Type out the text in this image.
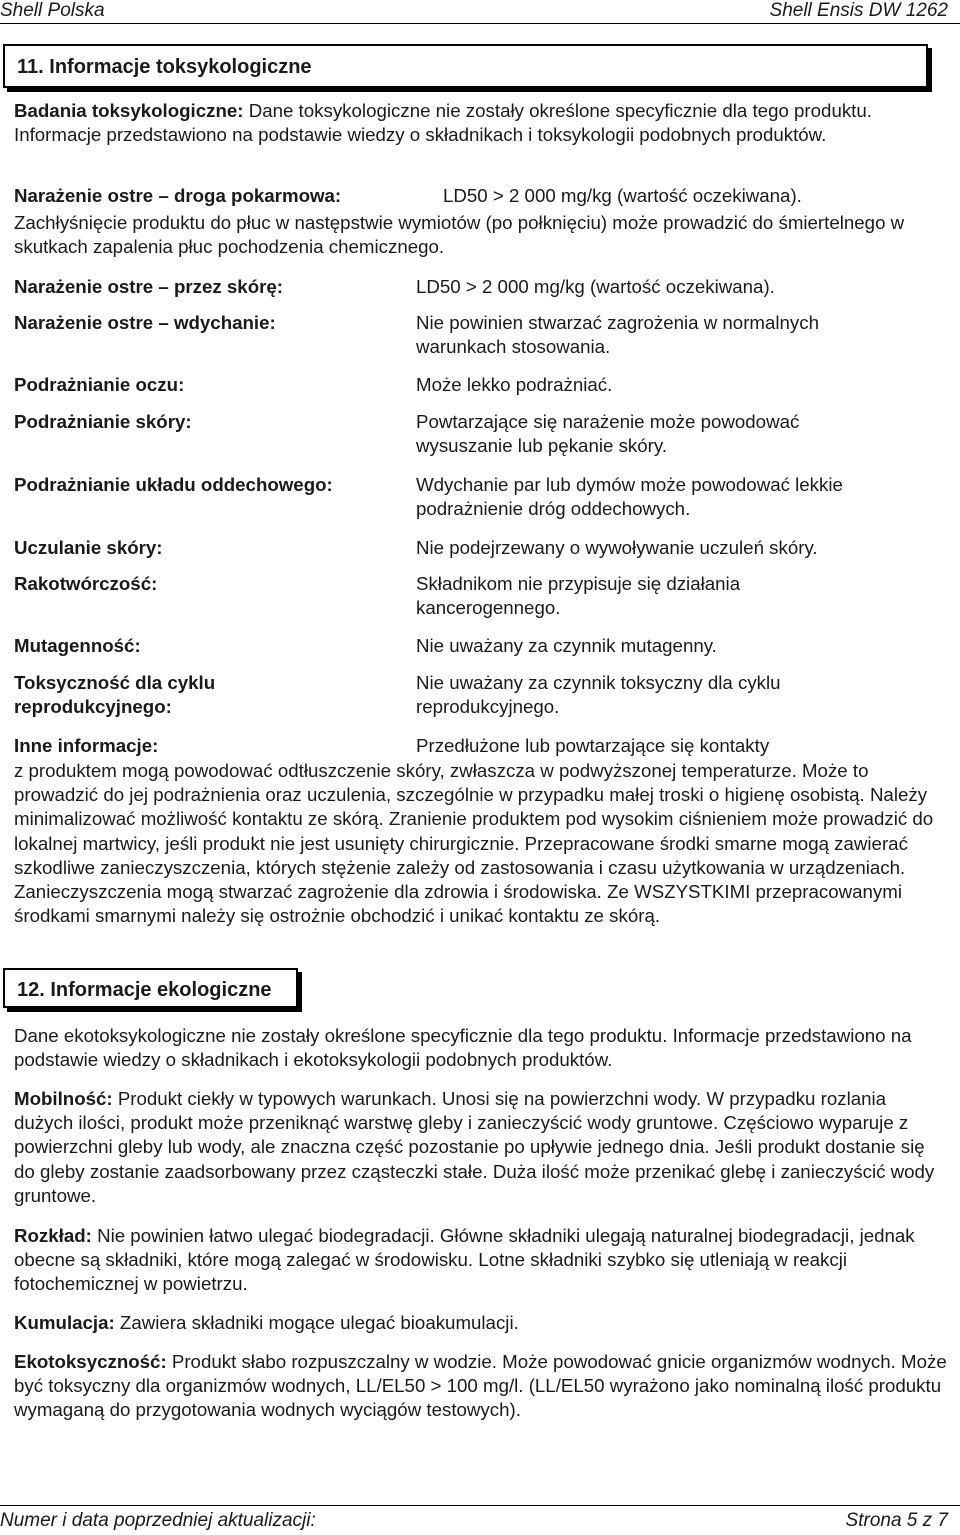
Shell Polska	Shell Ensis DW 1262
11. Informacje toksykologiczne

Badania toksykologiczne: Dane toksykologiczne nie zostały określone specyficznie dla tego produktu. Informacje przedstawiono na podstawie wiedzy o składnikach i toksykologii podobnych produktów.

Narażenie ostre – droga pokarmowa:	LD50 > 2 000 mg/kg (wartość oczekiwana).

Zachłyśnięcie produktu do płuc w następstwie wymiotów (po połknięciu) może prowadzić do śmiertelnego w skutkach zapalenia płuc pochodzenia chemicznego.

Narażenie ostre – przez skórę:	LD50 > 2 000 mg/kg (wartość oczekiwana).
Narażenie ostre – wdychanie:	Nie powinien stwarzać zagrożenia w normalnych warunkach stosowania.
Podrażnianie oczu:	Może lekko podrażniać.
Podrażnianie skóry:	Powtarzające się narażenie może powodować wysuszanie lub pękanie skóry.
Podrażnianie układu oddechowego:	Wdychanie par lub dymów może powodować lekkie podrażnienie dróg oddechowych.
Uczulanie skóry:	Nie podejrzewany o wywoływanie uczuleń skóry.
Rakotwórczość:	Składnikom nie przypisuje się działania kancerogennego.
Mutagenność:	Nie uważany za czynnik mutagenny.
Toksyczność dla cyklu reprodukcyjnego:
Nie uważany za czynnik toksyczny dla cyklu reprodukcyjnego.
Inne informacje:	Przedłużone lub powtarzające się kontakty

z produktem mogą powodować odtłuszczenie skóry, zwłaszcza w podwyższonej temperaturze. Może to prowadzić do jej podrażnienia oraz uczulenia, szczególnie w przypadku małej troski o higienę osobistą. Należy minimalizować możliwość kontaktu ze skórą. Zranienie produktem pod wysokim ciśnieniem może prowadzić do lokalnej martwicy, jeśli produkt nie jest usunięty chirurgicznie. Przepracowane środki smarne mogą zawierać szkodliwe zanieczyszczenia, których stężenie zależy od zastosowania i czasu użytkowania w urządzeniach. Zanieczyszczenia mogą stwarzać zagrożenie dla zdrowia i środowiska. Ze WSZYSTKIMI przepracowanymi środkami smarnymi należy się ostrożnie obchodzić i unikać kontaktu ze skórą.

12. Informacje ekologiczne

Dane ekotoksykologiczne nie zostały określone specyficznie dla tego produktu. Informacje przedstawiono na podstawie wiedzy o składnikach i ekotoksykologii podobnych produktów.

Mobilność: Produkt ciekły w typowych warunkach. Unosi się na powierzchni wody. W przypadku rozlania dużych ilości, produkt może przeniknąć warstwę gleby i zanieczyścić wody gruntowe. Częściowo wyparuje z powierzchni gleby lub wody, ale znaczna część pozostanie po upływie jednego dnia. Jeśli produkt dostanie się do gleby zostanie zaadsorbowany przez cząsteczki stałe. Duża ilość może przenikać glebę i zanieczyścić wody gruntowe.

Rozkład: Nie powinien łatwo ulegać biodegradacji. Główne składniki ulegają naturalnej biodegradacji, jednak obecne są składniki, które mogą zalegać w środowisku. Lotne składniki szybko się utleniają w reakcji fotochemicznej w powietrzu.

Kumulacja: Zawiera składniki mogące ulegać bioakumulacji.

Ekotoksyczność: Produkt słabo rozpuszczalny w wodzie. Może powodować gnicie organizmów wodnych. Może być toksyczny dla organizmów wodnych, LL/EL50 > 100 mg/l. (LL/EL50 wyrażono jako nominalną ilość produktu wymaganą do przygotowania wodnych wyciągów testowych).

Numer i data poprzedniej aktualizacji:	Strona 5 z 7
